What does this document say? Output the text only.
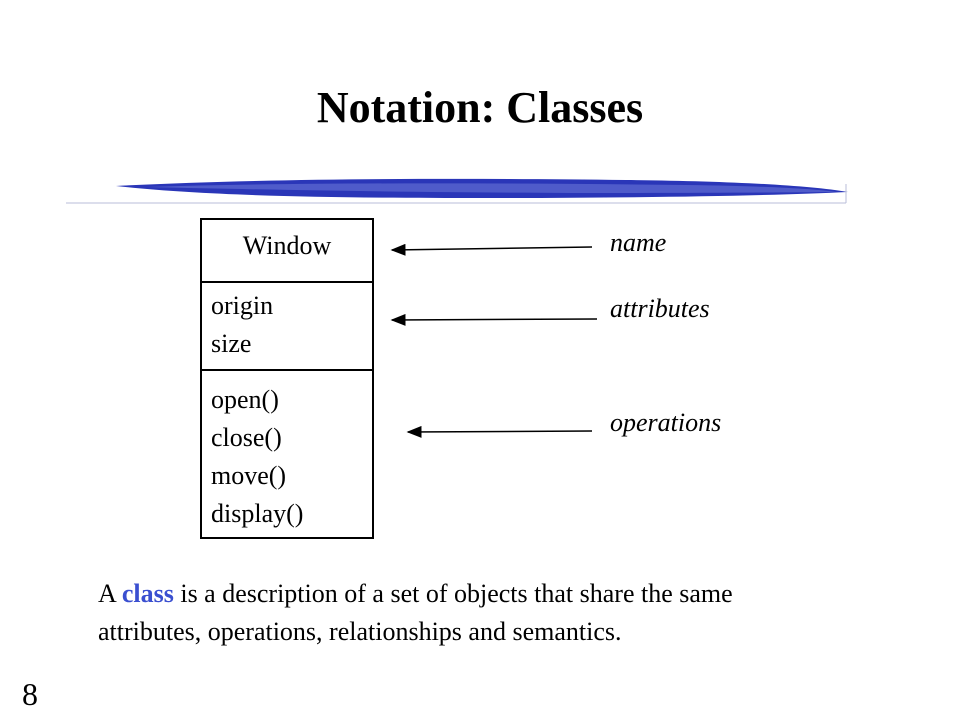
Notation: Classes
Window
origin
size
open()
close()
move()
display()
name
attributes
operations
A class is a description of a set of objects that share the same
attributes, operations, relationships and semantics.
8
